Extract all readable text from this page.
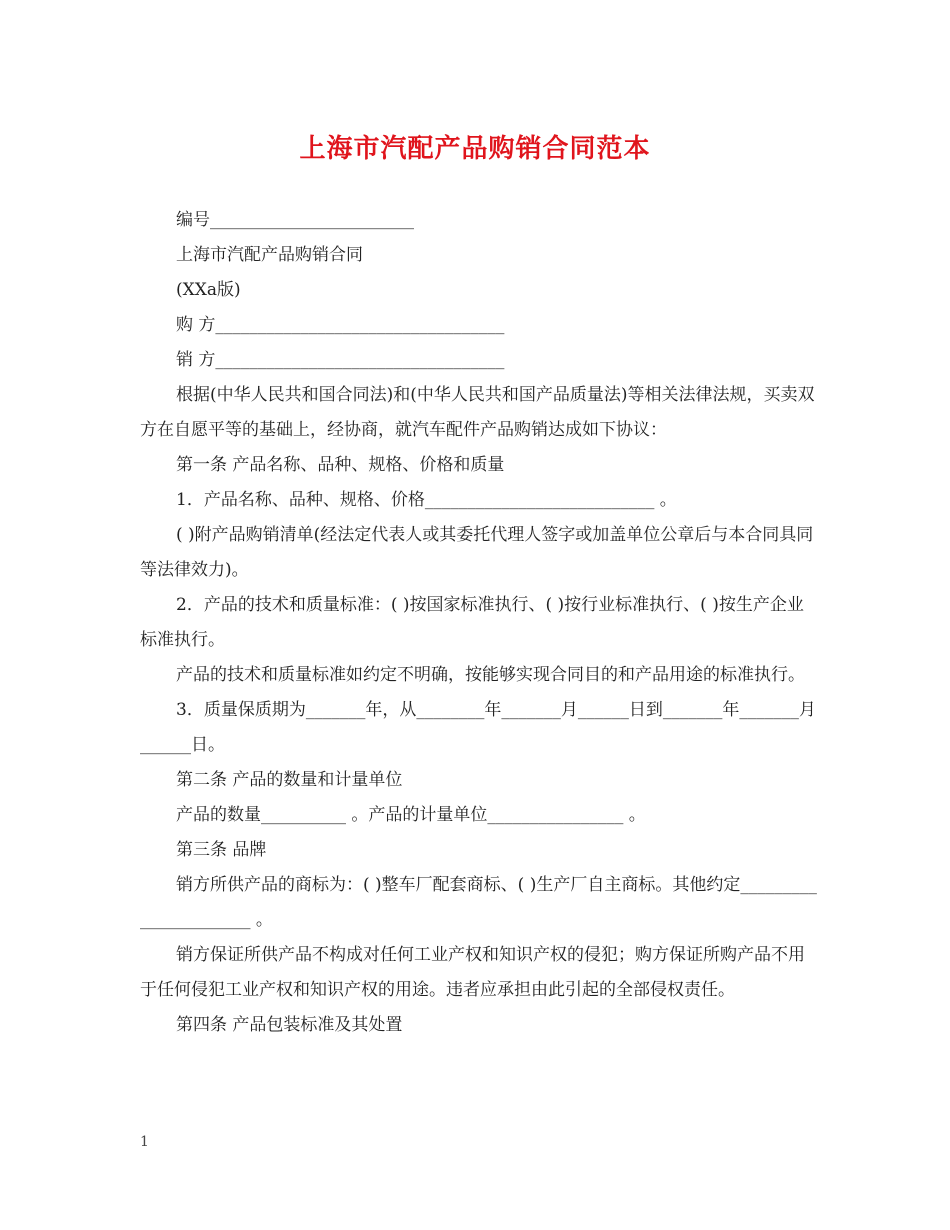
上海市汽配产品购销合同范本

编号________________________

上海市汽配产品购销合同

(XXa版)

购 方__________________________________

销 方__________________________________

根据(中华人民共和国合同法)和(中华人民共和国产品质量法)等相关法律法规，买卖双方在自愿平等的基础上，经协商，就汽车配件产品购销达成如下协议：

第一条 产品名称、品种、规格、价格和质量

1．产品名称、品种、规格、价格___________________________ 。

( )附产品购销清单(经法定代表人或其委托代理人签字或加盖单位公章后与本合同具同等法律效力)。

2．产品的技术和质量标准：( )按国家标准执行、( )按行业标准执行、( )按生产企业标准执行。

产品的技术和质量标准如约定不明确，按能够实现合同目的和产品用途的标准执行。

3．质量保质期为_______年，从________年_______月______日到_______年_______月______日。

第二条 产品的数量和计量单位

产品的数量__________ 。产品的计量单位________________ 。

第三条 品牌

销方所供产品的商标为：( )整车厂配套商标、( )生产厂自主商标。其他约定______________________ 。

销方保证所供产品不构成对任何工业产权和知识产权的侵犯；购方保证所购产品不用于任何侵犯工业产权和知识产权的用途。违者应承担由此引起的全部侵权责任。

第四条 产品包装标准及其处置

1
